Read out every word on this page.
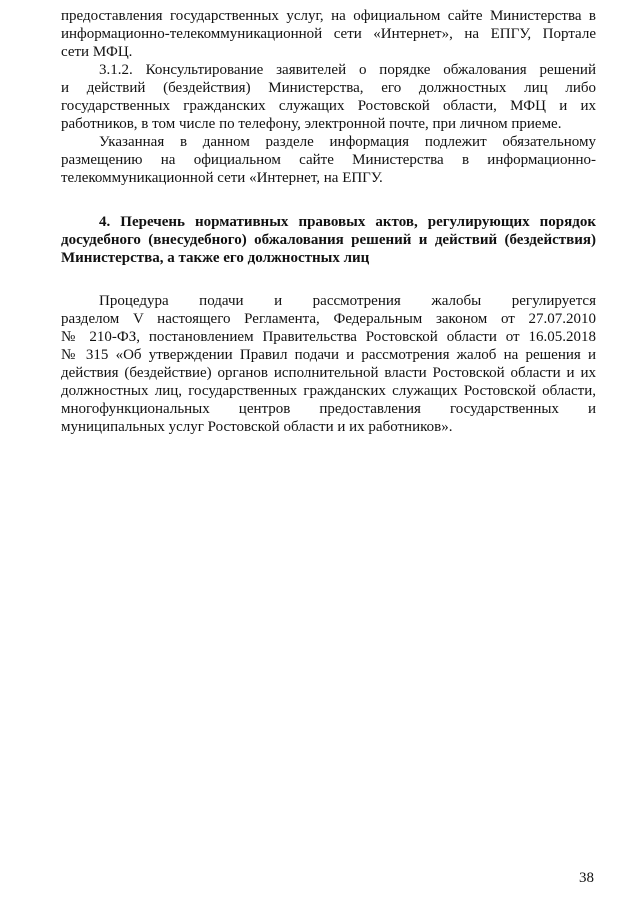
предоставления государственных услуг, на официальном сайте Министерства в
информационно-телекоммуникационной сети «Интернет», на ЕПГУ, Портале
сети МФЦ.
3.1.2. Консультирование заявителей о порядке обжалования решений
и действий (бездействия) Министерства, его должностных лиц либо
государственных гражданских служащих Ростовской области, МФЦ и их
работников, в том числе по телефону, электронной почте, при личном приеме.
Указанная в данном разделе информация подлежит обязательному
размещению на официальном сайте Министерства в информационно-
телекоммуникационной сети «Интернет, на ЕПГУ.
4. Перечень нормативных правовых актов, регулирующих порядок
досудебного (внесудебного) обжалования решений и действий (бездействия)
Министерства, а также его должностных лиц
Процедура подачи и рассмотрения жалобы регулируется
разделом V настоящего Регламента, Федеральным законом от 27.07.2010
№ 210-ФЗ, постановлением Правительства Ростовской области от 16.05.2018
№ 315 «Об утверждении Правил подачи и рассмотрения жалоб на решения и
действия (бездействие) органов исполнительной власти Ростовской области и их
должностных лиц, государственных гражданских служащих Ростовской области,
многофункциональных центров предоставления государственных и
муниципальных услуг Ростовской области и их работников».
38
